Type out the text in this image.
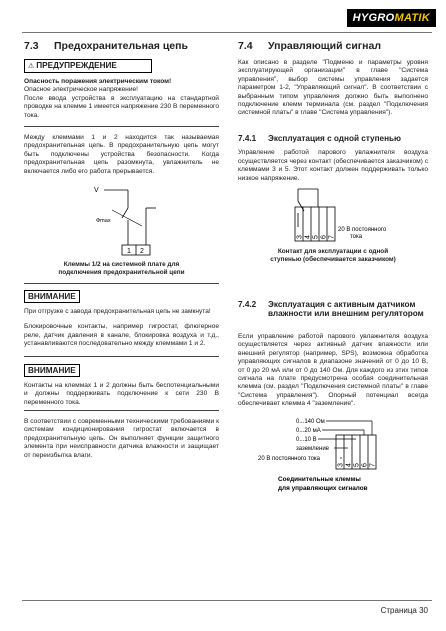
HYGROMATIK
7.3 Предохранительная цепь
⚠ ПРЕДУПРЕЖДЕНИЕ

Опасность поражения электрическим током!

Опасное электрическое напряжение!

После ввода устройства в эксплуатацию на стандартной проводке на клемме 1 имеется напряжение 230 В переменного тока.

Между клеммами 1 и 2 находится так называемая предохранительная цепь. В предохранительную цепь могут быть подключены устройства безопасности. Когда предохранительная цепь разомкнута, увлажнитель не включается либо его работа прерывается.

V
Фmax
1 2
Клеммы 1/2 на системной плате для
подключения предохранительной цепи
ВНИМАНИЕ

При отгрузке с завода предохранительная цепь не замкнута!

Блокировочные контакты, например гигростат, флюгерное реле, датчик давления в канале, блокировка воздуха и т.д., устанавливаются последовательно между клеммами 1 и 2.

ВНИМАНИЕ

Контакты на клеммах 1 и 2 должны быть беспотенциальными и должны поддерживать подключение к сети 230 В переменного тока.

В соответствии с современными техническими требованиями к системам кондиционирования гигростат включается в предохранительную цепь. Он выполняет функции защитного элемента при неисправности датчика влажности и защищает от переизбытка влаги.

7.4 Управляющий сигнал

Как описано в разделе "Подменю и параметры уровня эксплуатирующей организации" в главе "Система управления", выбор системы управления задается параметром 1-2, "Управляющий сигнал". В соответствии с выбранным типом управления должно быть выполнено подключение клемм терминала (см. раздел "Подключения системной платы" в главе "Система управления").

7.4.1	Эксплуатация с одной ступенью

Управление работой парового увлажнителя воздуха осуществляется через контакт (обеспечивается заказчиком) с клеммами 3 и 5. Этот контакт должен поддерживать только низкое напряжение.

3 4 5 6 7
20 В постоянного
тока
Контакт для эксплуатации с одной
ступенью (обеспечивается заказчиком)
7.4.2	Эксплуатация с активным датчиком влажности или внешним регулятором

Если управление работой парового увлажнителя воздуха осуществляется через активный датчик влажности или внешний регулятор (например, SPS), возможна обработка управляющих сигналов в диапазоне значений от 0 до 10 В, от 0 до 20 мА или от 0 до 140 Ом. Для каждого из этих типов сигнала на плате предусмотрена особая соединительная клемма (см. раздел "Подключения системной платы" в главе "Система управления"). Опорный потенциал всегда обеспечивает клемма 4 "заземление".

0...140 Ом
0...20 мА
0...10 В
заземление
20 В постоянного тока
3 4 5 6 7
Соединительные клеммы
для управляющих сигналов
Страница 30
